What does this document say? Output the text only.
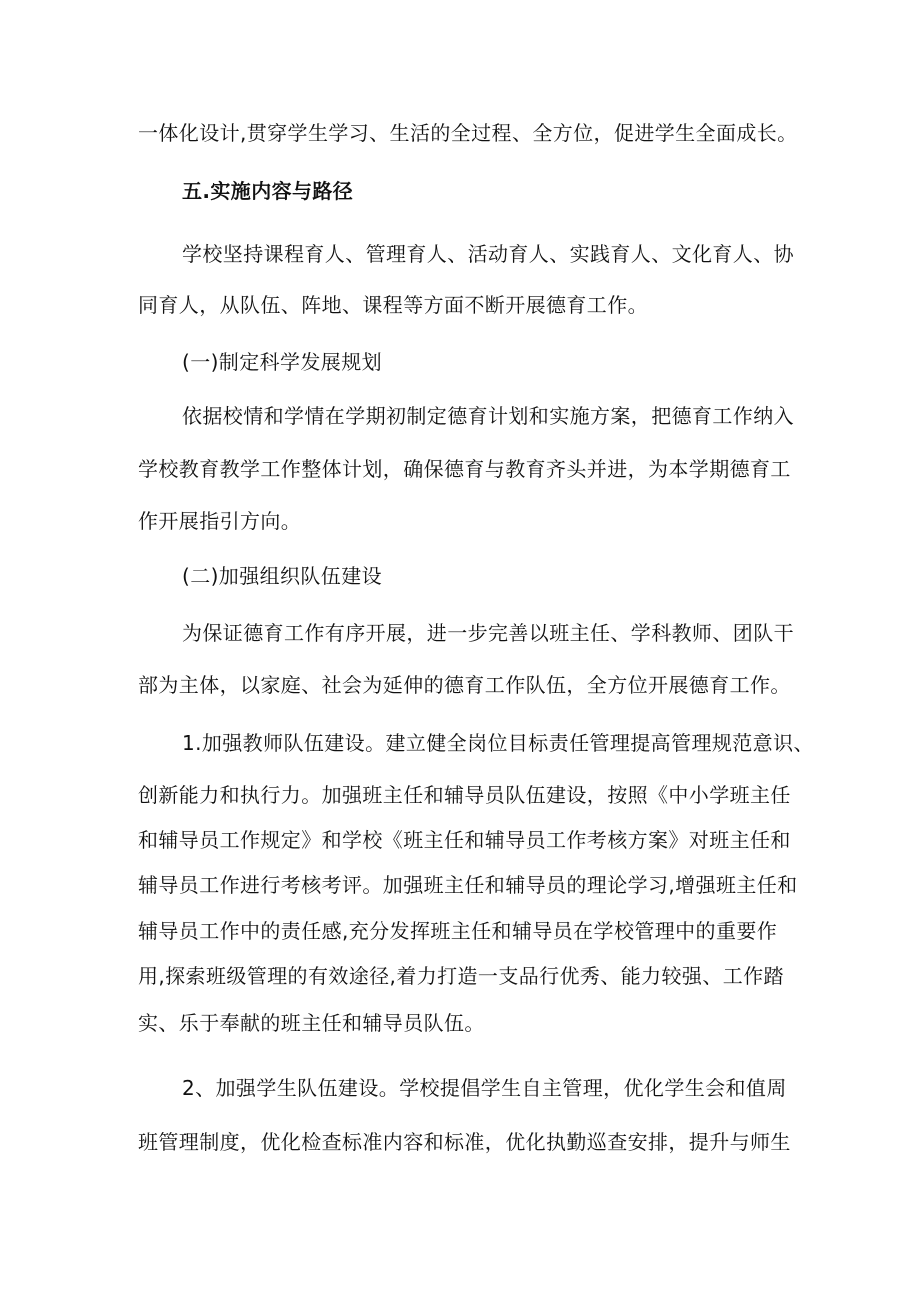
一体化设计,贯穿学生学习、生活的全过程、全方位，促进学生全面成长。
五.实施内容与路径
学校坚持课程育人、管理育人、活动育人、实践育人、文化育人、协
同育人，从队伍、阵地、课程等方面不断开展德育工作。
(一)制定科学发展规划
依据校情和学情在学期初制定德育计划和实施方案，把德育工作纳入
学校教育教学工作整体计划，确保德育与教育齐头并进，为本学期德育工
作开展指引方向。
(二)加强组织队伍建设
为保证德育工作有序开展，进一步完善以班主任、学科教师、团队干
部为主体，以家庭、社会为延伸的德育工作队伍，全方位开展德育工作。
1.加强教师队伍建设。建立健全岗位目标责任管理提高管理规范意识、
创新能力和执行力。加强班主任和辅导员队伍建设，按照《中小学班主任
和辅导员工作规定》和学校《班主任和辅导员工作考核方案》对班主任和
辅导员工作进行考核考评。加强班主任和辅导员的理论学习,增强班主任和
辅导员工作中的责任感,充分发挥班主任和辅导员在学校管理中的重要作
用,探索班级管理的有效途径,着力打造一支品行优秀、能力较强、工作踏
实、乐于奉献的班主任和辅导员队伍。
2、加强学生队伍建设。学校提倡学生自主管理，优化学生会和值周
班管理制度，优化检查标准内容和标准，优化执勤巡查安排，提升与师生
